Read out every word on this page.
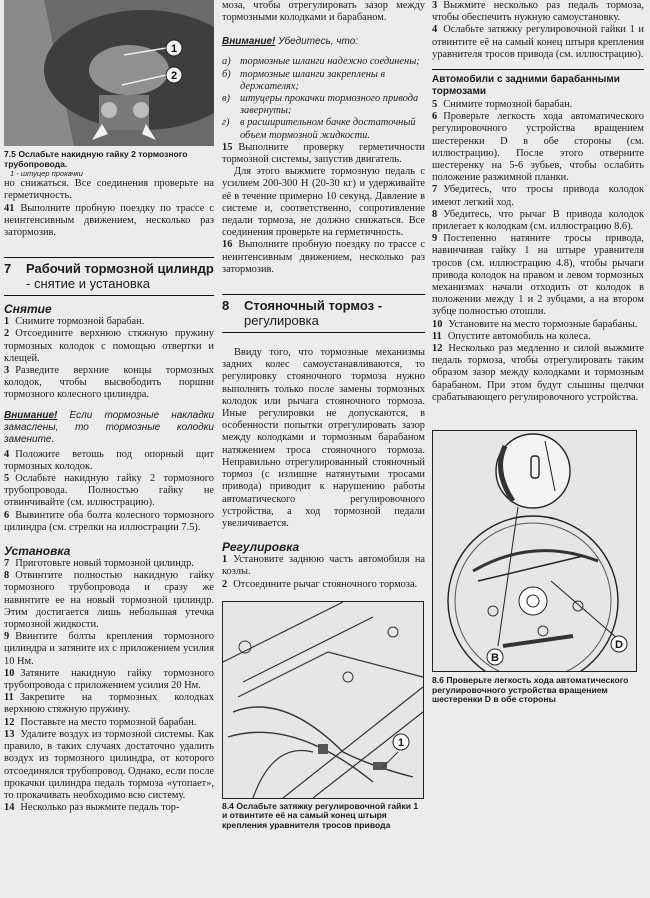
1
2
7.5 Ослабьте накидную гайку 2 тормозного трубопровода.
1 - штуцер прокачки

но снижаться. Все соединения проверьте на герметичность.

41 Выполните пробную поездку по трассе с неинтенсивным движением, несколько раз затормозив.

7	Рабочий тормозной цилиндр - снятие и установка
Снятие

1 Снимите тормозной барабан.

2 Отсоедините верхнюю стяжную пружину тормозных колодок с помощью отвертки и клещей.

3 Разведите верхние концы тормозных колодок, чтобы высвободить поршни тормозного колесного цилиндра.

Внимание! Если тормозные накладки замаслены, то тормозные колодки замените.

4 Положите ветошь под опорный щит тормозных колодок.

5 Ослабьте накидную гайку 2 тормозного трубопровода. Полностью гайку не отвинчивайте (см. иллюстрацию).

6 Вывинтите оба болта колесного тормозного цилиндра (см. стрелки на иллюстрации 7.5).

Установка

7 Приготовьте новый тормозной цилиндр.

8 Отвинтите полностью накидную гайку тормозного трубопровода и сразу же навинтите ее на новый тормозной цилиндр. Этим достигается лишь небольшая утечка тормозной жидкости.

9 Ввинтите болты крепления тормозного цилиндра и затяните их с приложением усилия 10 Нм.

10 Затяните накидную гайку тормозного трубопровода с приложением усилия 20 Нм.

11 Закрепите на тормозных колодках верхнюю стяжную пружину.

12 Поставьте на место тормозной барабан.

13 Удалите воздух из тормозной системы. Как правило, в таких случаях достаточно удалить воздух из тормозного цилиндра, от которого отсоединялся трубопровод. Однако, если после прокачки цилиндра педаль тормоза «утопает», то прокачивать необходимо всю систему.

14 Несколько раз выжмите педаль тор-

моза, чтобы отрегулировать зазор между тормозными колодками и барабаном.

Внимание! Убедитесь, что:
а) тормозные шланги надежно соединены;
б) тормозные шланги закреплены в держателях;
в) штуцеры прокачки тормозного привода завернуты;
г)	в расширительном бачке достаточный объем тормозной жидкости.

15 Выполните проверку герметичности тормозной системы, запустив двигатель.

Для этого выжмите тормозную педаль с усилием 200-300 Н (20-30 кг) и удерживайте её в течение примерно 10 секунд. Давление в системе и, соответственно, сопротивление педали тормоза, не должно снижаться. Все соединения проверьте на герметичность.

16 Выполните пробную поездку по трассе с неинтенсивным движением, несколько раз затормозив.

8	Стояночный тормоз -
регулировка

Ввиду того, что тормозные механизмы задних колес самоустанавливаются, то регулировку стояночного тормоза нужно выполнять только после замены тормозных колодок или рычага стояночного тормоза. Иные регулировки не допускаются, в особенности попытки отрегулировать зазор между колодками и тормозным барабаном натяжением троса стояночного тормоза. Неправильно отрегулированный стояночный тормоз (с излишне натянутыми тросами привода) приводит к нарушению работы автоматического регулировочного устройства, а ход тормозной педали увеличивается.

Регулировка

1 Установите заднюю часть автомобиля на козлы.

2 Отсоедините рычаг стояночного тормоза.

1
8.4 Ослабьте затяжку регулировочной гайки 1 и отвинтите её на самый конец штыря крепления уравнителя тросов привода

3 Выжмите несколько раз педаль тормоза, чтобы обеспечить нужную самоустановку.

4 Ослабьте затяжку регулировочной гайки 1 и отвинтите её на самый конец штыря крепления уравнителя тросов привода (см. иллюстрацию).

Автомобили с задними барабанными тормозами

5 Снимите тормозной барабан.

6 Проверьте легкость хода автоматического регулировочного устройства вращением шестеренки D в обе стороны (см. иллюстрацию). После этого отверните шестеренку на 5-6 зубьев, чтобы ослабить положение разжимной планки.

7 Убедитесь, что тросы привода колодок имеют легкий ход.

8 Убедитесь, что рычаг B привода колодок прилегает к колодкам (см. иллюстрацию 8.6).

9 Постепенно натяните тросы привода, навинчивая гайку 1 на штыре уравнителя тросов (см. иллюстрацию 4.8), чтобы рычаги привода колодок на правом и левом тормозных механизмах начали отходить от колодок в положении между 1 и 2 зубцами, а на втором зубце полностью отошли.

10 Установите на место тормозные барабаны.

11 Опустите автомобиль на колеса.

12 Несколько раз медленно и силой выжмите педаль тормоза, чтобы отрегулировать таким образом зазор между колодками и тормозным барабаном. При этом будут слышны щелчки срабатывающего регулировочного устройства.

D
B
8.6 Проверьте легкость хода автоматического регулировочного устройства вращением шестеренки D в обе стороны
